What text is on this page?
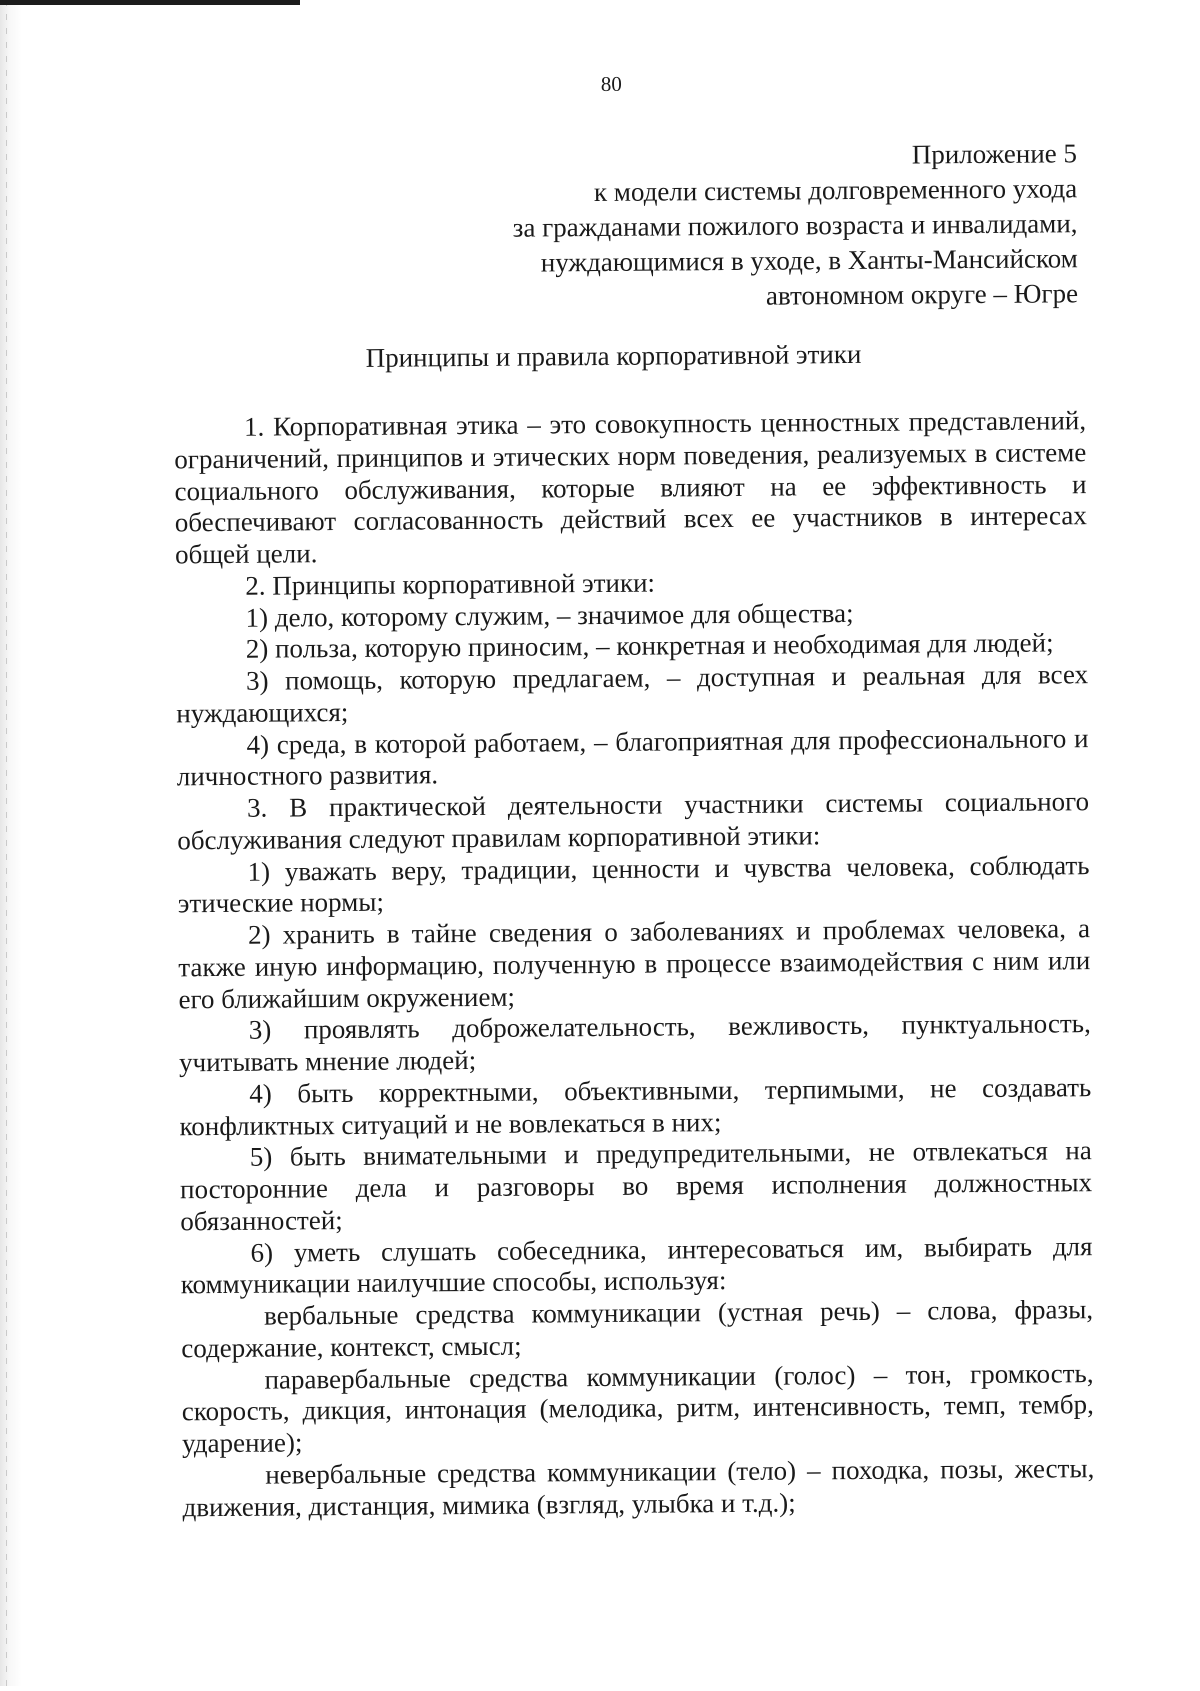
80
Приложение 5
к модели системы долговременного ухода
за гражданами пожилого возраста и инвалидами,
нуждающимися в уходе, в Ханты-Мансийском
автономном округе – Югре
Принципы и правила корпоративной этики

1. Корпоративная этика – это совокупность ценностных представлений, ограничений, принципов и этических норм поведения, реализуемых в системе социального обслуживания, которые влияют на ее эффективность и обеспечивают согласованность действий всех ее участников в интересах общей цели.

2. Принципы корпоративной этики:

1) дело, которому служим, – значимое для общества;

2) польза, которую приносим, – конкретная и необходимая для людей;

3) помощь, которую предлагаем, – доступная и реальная для всех нуждающихся;

4) среда, в которой работаем, – благоприятная для профессионального и личностного развития.

3. В практической деятельности участники системы социального обслуживания следуют правилам корпоративной этики:

1) уважать веру, традиции, ценности и чувства человека, соблюдать этические нормы;

2) хранить в тайне сведения о заболеваниях и проблемах человека, а также иную информацию, полученную в процессе взаимодействия с ним или его ближайшим окружением;

3) проявлять доброжелательность, вежливость, пунктуальность, учитывать мнение людей;

4) быть корректными, объективными, терпимыми, не создавать конфликтных ситуаций и не вовлекаться в них;

5) быть внимательными и предупредительными, не отвлекаться на посторонние дела и разговоры во время исполнения должностных обязанностей;

6) уметь слушать собеседника, интересоваться им, выбирать для коммуникации наилучшие способы, используя:

вербальные средства коммуникации (устная речь) – слова, фразы, содержание, контекст, смысл;

паравербальные средства коммуникации (голос) – тон, громкость, скорость, дикция, интонация (мелодика, ритм, интенсивность, темп, тембр, ударение);

невербальные средства коммуникации (тело) – походка, позы, жесты, движения, дистанция, мимика (взгляд, улыбка и т.д.);
